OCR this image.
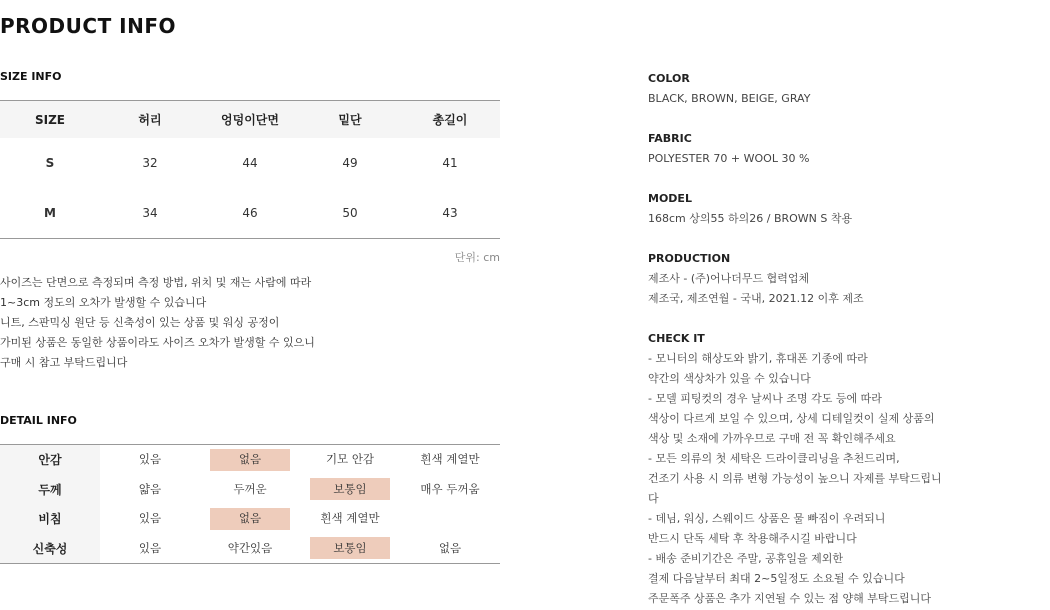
PRODUCT INFO
SIZE INFO
SIZE	허리	엉덩이단면	밑단	총길이
S	32	44	49	41
M	34	46	50	43
단위: cm
사이즈는 단면으로 측정되며 측정 방법, 위치 및 재는 사람에 따라
1~3cm 정도의 오차가 발생할 수 있습니다
니트, 스판믹싱 원단 등 신축성이 있는 상품 및 워싱 공정이
가미된 상품은 동일한 상품이라도 사이즈 오차가 발생할 수 있으니
구매 시 참고 부탁드립니다
DETAIL INFO
안감	있음	없음	기모 안감	흰색 계열만
두께	얇음	두꺼운	보통임	매우 두꺼움
비침	있음	없음	흰색 계열만
신축성	있음	약간있음	보통임	없음
COLOR
BLACK, BROWN, BEIGE, GRAY
FABRIC
POLYESTER 70 + WOOL 30 %
MODEL
168cm 상의55 하의26 / BROWN S 착용
PRODUCTION
제조사 - (주)어나더무드 협력업체
제조국, 제조연월 - 국내, 2021.12 이후 제조
CHECK IT
- 모니터의 해상도와 밝기, 휴대폰 기종에 따라
약간의 색상차가 있을 수 있습니다
- 모델 피팅컷의 경우 날씨나 조명 각도 등에 따라
색상이 다르게 보일 수 있으며, 상세 디테일컷이 실제 상품의
색상 및 소재에 가까우므로 구매 전 꼭 확인해주세요
- 모든 의류의 첫 세탁은 드라이클리닝을 추천드리며,
건조기 사용 시 의류 변형 가능성이 높으니 자제를 부탁드립니
다
- 데님, 워싱, 스웨이드 상품은 물 빠짐이 우려되니
반드시 단독 세탁 후 착용해주시길 바랍니다
- 배송 준비기간은 주말, 공휴일을 제외한
결제 다음날부터 최대 2~5일정도 소요될 수 있습니다
주문폭주 상품은 추가 지연될 수 있는 점 양해 부탁드립니다
